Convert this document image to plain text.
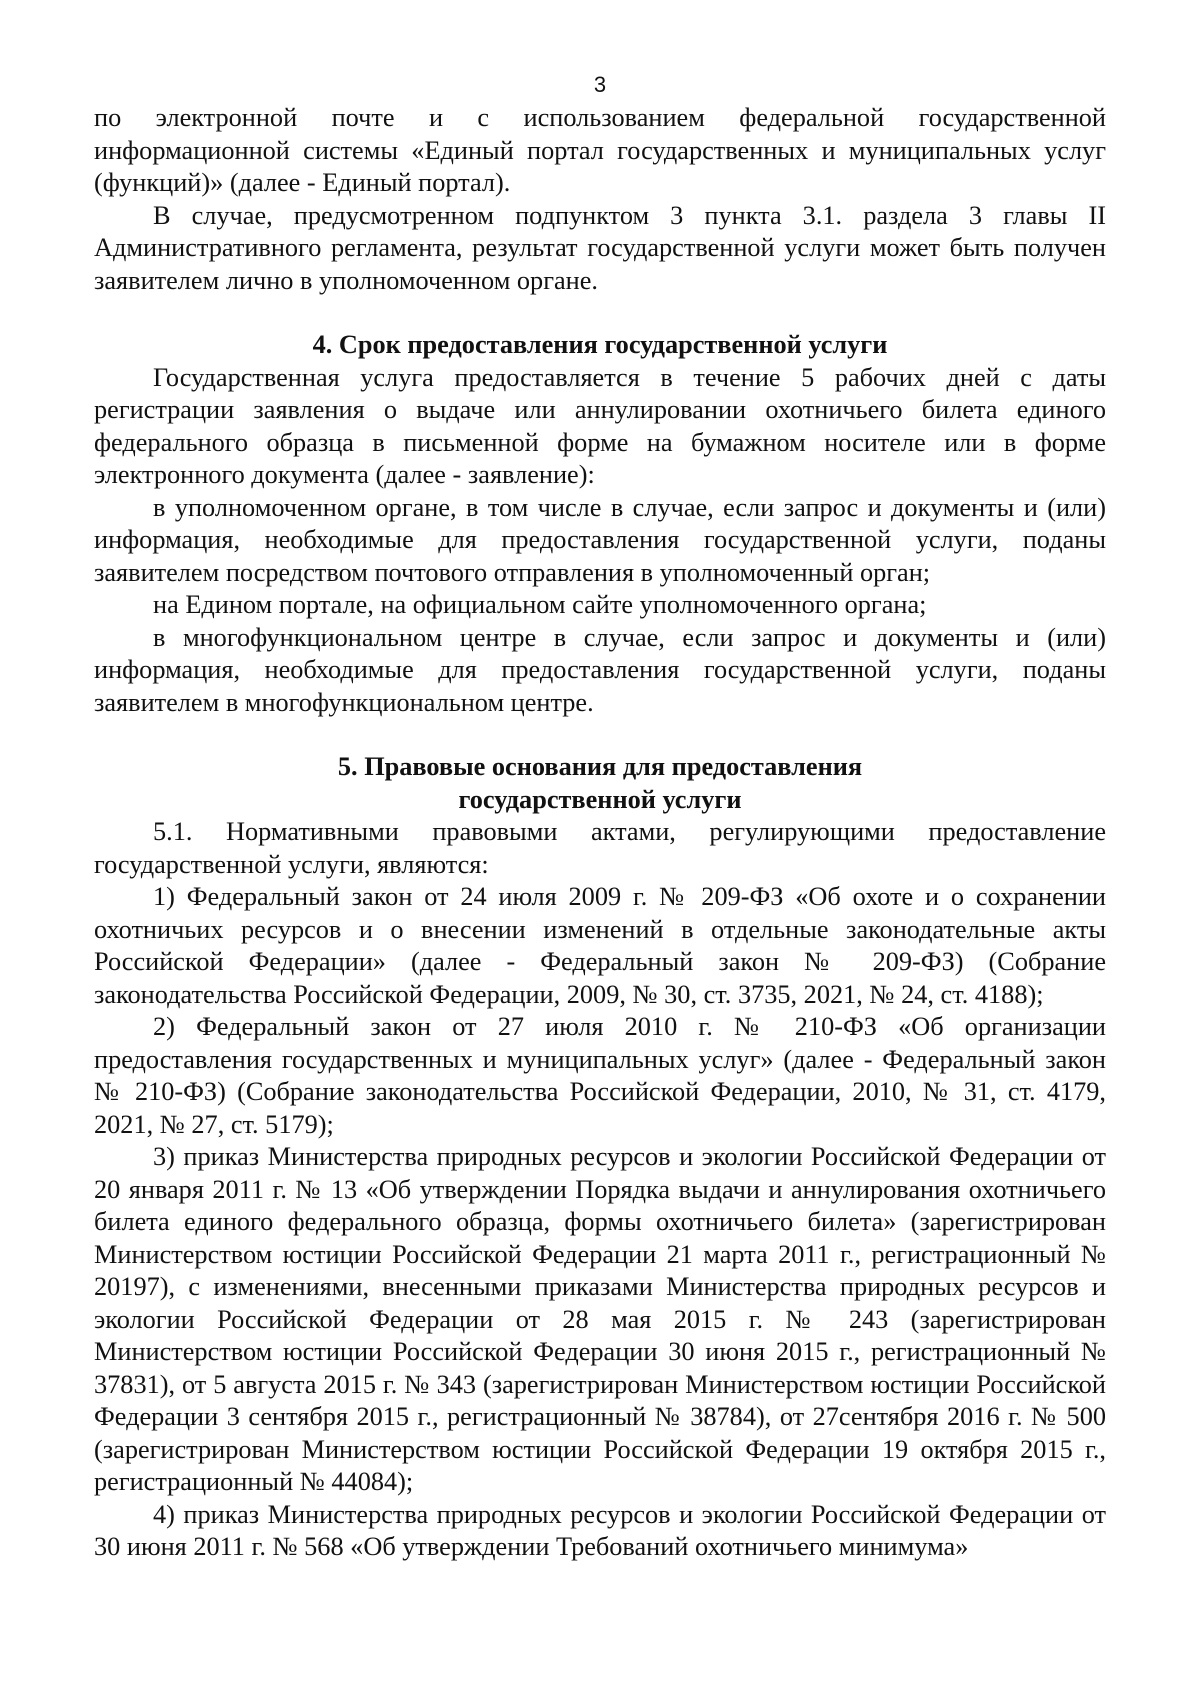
3

по электронной почте и с использованием федеральной государственной информационной системы «Единый портал государственных и муниципальных услуг (функций)» (далее - Единый портал).

В случае, предусмотренном подпунктом 3 пункта 3.1. раздела 3 главы II Административного регламента, результат государственной услуги может быть получен заявителем лично в уполномоченном органе.

4. Срок предоставления государственной услуги

Государственная услуга предоставляется в течение 5 рабочих дней с даты регистрации заявления о выдаче или аннулировании охотничьего билета единого федерального образца в письменной форме на бумажном носителе или в форме электронного документа (далее - заявление):

в уполномоченном органе, в том числе в случае, если запрос и документы и (или) информация, необходимые для предоставления государственной услуги, поданы заявителем посредством почтового отправления в уполномоченный орган;

на Едином портале, на официальном сайте уполномоченного органа;

в многофункциональном центре в случае, если запрос и документы и (или) информация, необходимые для предоставления государственной услуги, поданы заявителем в многофункциональном центре.

5. Правовые основания для предоставления
государственной услуги

5.1. Нормативными правовыми актами, регулирующими предоставление государственной услуги, являются:

1) Федеральный закон от 24 июля 2009 г. № 209-ФЗ «Об охоте и о сохранении охотничьих ресурсов и о внесении изменений в отдельные законодательные акты Российской Федерации» (далее - Федеральный закон № 209-ФЗ) (Собрание законодательства Российской Федерации, 2009, № 30, ст. 3735, 2021, № 24, ст. 4188);

2) Федеральный закон от 27 июля 2010 г. № 210-ФЗ «Об организации предоставления государственных и муниципальных услуг» (далее - Федеральный закон № 210-ФЗ) (Собрание законодательства Российской Федерации, 2010, № 31, ст. 4179, 2021, № 27, ст. 5179);

3) приказ Министерства природных ресурсов и экологии Российской Федерации от 20 января 2011 г. № 13 «Об утверждении Порядка выдачи и аннулирования охотничьего билета единого федерального образца, формы охотничьего билета» (зарегистрирован Министерством юстиции Российской Федерации 21 марта 2011 г., регистрационный № 20197), с изменениями, внесенными приказами Министерства природных ресурсов и экологии Российской Федерации от 28 мая 2015 г. № 243 (зарегистрирован Министерством юстиции Российской Федерации 30 июня 2015 г., регистрационный № 37831), от 5 августа 2015 г. № 343 (зарегистрирован Министерством юстиции Российской Федерации 3 сентября 2015 г., регистрационный № 38784), от 27сентября 2016 г. № 500 (зарегистрирован Министерством юстиции Российской Федерации 19 октября 2015 г., регистрационный № 44084);

4) приказ Министерства природных ресурсов и экологии Российской Федерации от 30 июня 2011 г. № 568 «Об утверждении Требований охотничьего минимума»
